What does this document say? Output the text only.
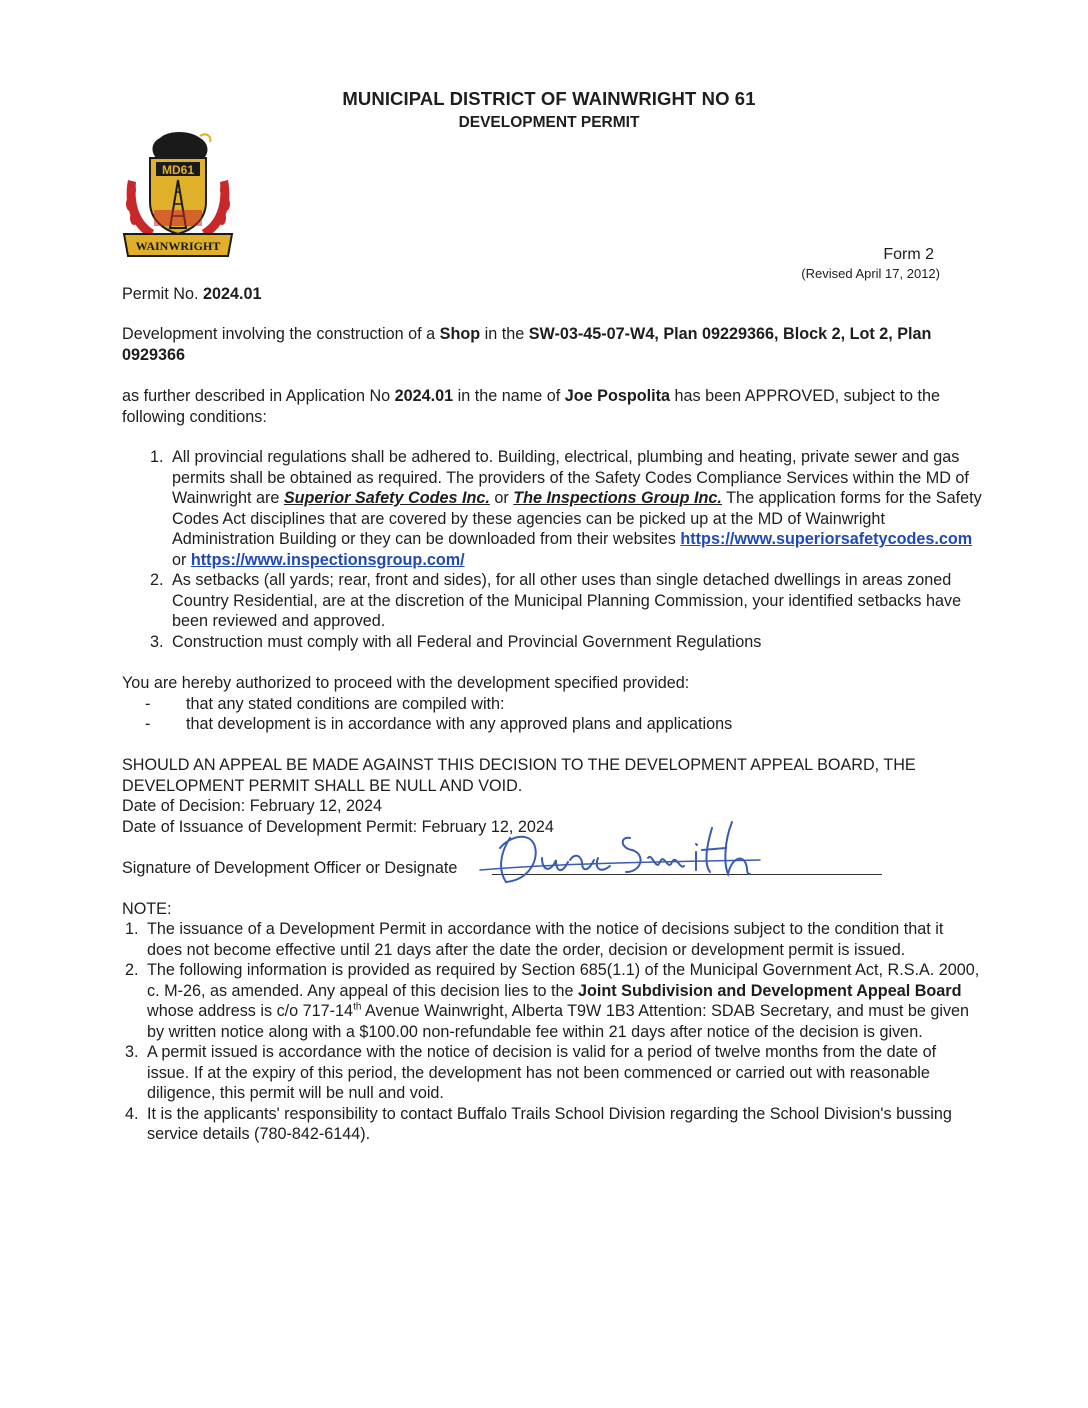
MUNICIPAL DISTRICT OF WAINWRIGHT NO 61
DEVELOPMENT PERMIT
MD61
WAINWRIGHT	Form 2
(Revised April 17, 2012)
Permit No. 2024.01
Development involving the construction of a Shop in the SW-03-45-07-W4, Plan 09229366, Block 2, Lot 2, Plan 0929366
as further described in Application No 2024.01 in the name of Joe Pospolita has been APPROVED, subject to the following conditions:
1. All provincial regulations shall be adhered to. Building, electrical, plumbing and heating, private sewer and gas permits shall be obtained as required. The providers of the Safety Codes Compliance Services within the MD of Wainwright are Superior Safety Codes Inc. or The Inspections Group Inc. The application forms for the Safety Codes Act disciplines that are covered by these agencies can be picked up at the MD of Wainwright Administration Building or they can be downloaded from their websites https://www.superiorsafetycodes.com or https://www.inspectionsgroup.com/
2. As setbacks (all yards; rear, front and sides), for all other uses than single detached dwellings in areas zoned Country Residential, are at the discretion of the Municipal Planning Commission, your identified setbacks have been reviewed and approved.
3. Construction must comply with all Federal and Provincial Government Regulations
You are hereby authorized to proceed with the development specified provided:
- that any stated conditions are compiled with:
- that development is in accordance with any approved plans and applications
SHOULD AN APPEAL BE MADE AGAINST THIS DECISION TO THE DEVELOPMENT APPEAL BOARD, THE DEVELOPMENT PERMIT SHALL BE NULL AND VOID.
Date of Decision: February 12, 2024
Date of Issuance of Development Permit: February 12, 2024
Signature of Development Officer or Designate
NOTE:
1. The issuance of a Development Permit in accordance with the notice of decisions subject to the condition that it does not become effective until 21 days after the date the order, decision or development permit is issued.
2. The following information is provided as required by Section 685(1.1) of the Municipal Government Act, R.S.A. 2000, c. M-26, as amended. Any appeal of this decision lies to the Joint Subdivision and Development Appeal Board whose address is c/o 717-14th Avenue Wainwright, Alberta T9W 1B3 Attention: SDAB Secretary, and must be given by written notice along with a $100.00 non-refundable fee within 21 days after notice of the decision is given.
3. A permit issued is accordance with the notice of decision is valid for a period of twelve months from the date of issue. If at the expiry of this period, the development has not been commenced or carried out with reasonable diligence, this permit will be null and void.
4. It is the applicants' responsibility to contact Buffalo Trails School Division regarding the School Division's bussing service details (780-842-6144).
